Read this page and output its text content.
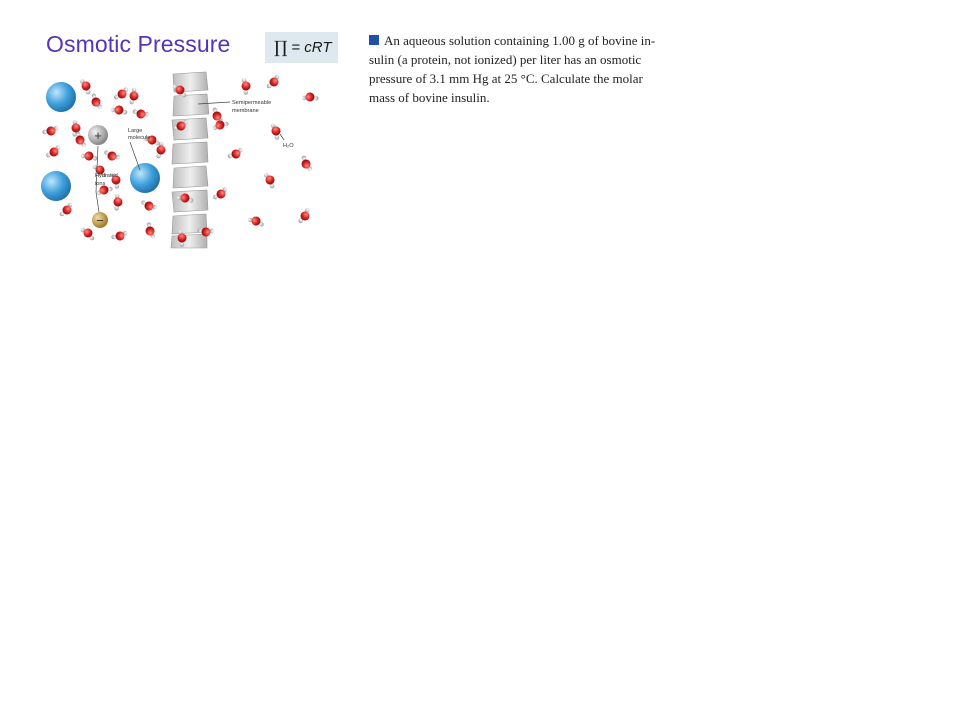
Osmotic Pressure	∏ = cRT	An aqueous solution containing 1.00 g of bovine in-
sulin (a protein, not ionized) per liter has an osmotic
pressure of 3.1 mm Hg at 25 °C. Calculate the molar
mass of bovine insulin.
+
−
Semipermeable
membrane
Large
molecule
Hydrated
ions
H₂O
